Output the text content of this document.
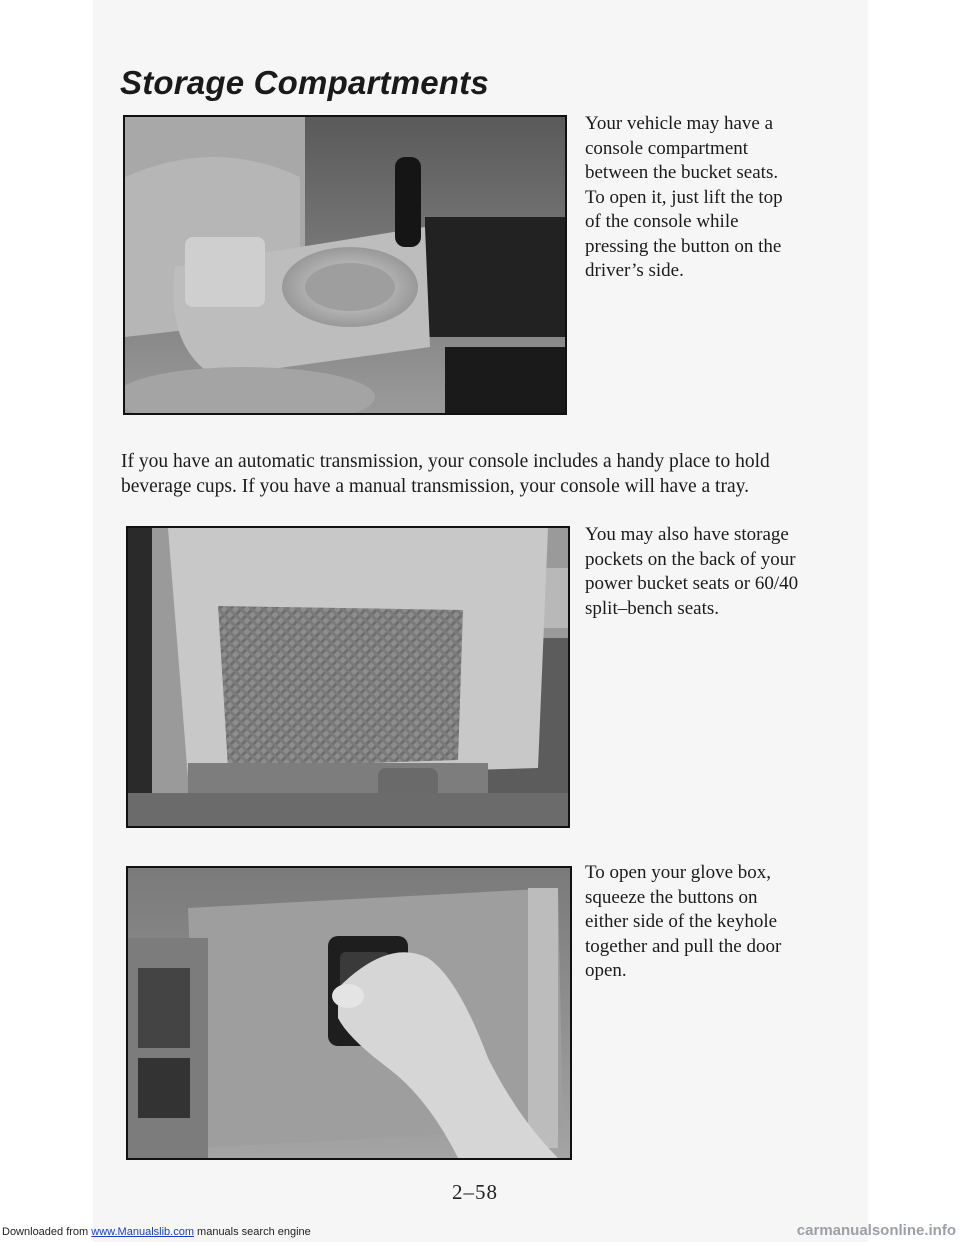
Storage Compartments

Your vehicle may have a console compartment between the bucket seats. To open it, just lift the top of the console while pressing the button on the driver’s side.

If you have an automatic transmission, your console includes a handy place to hold beverage cups. If you have a manual transmission, your console will have a tray.

You may also have storage pockets on the back of your power bucket seats or 60/40 split–bench seats.

To open your glove box, squeeze the buttons on either side of the keyhole together and pull the door open.

2–58
Downloaded from www.Manualslib.com manuals search engine	carmanualsonline.info
